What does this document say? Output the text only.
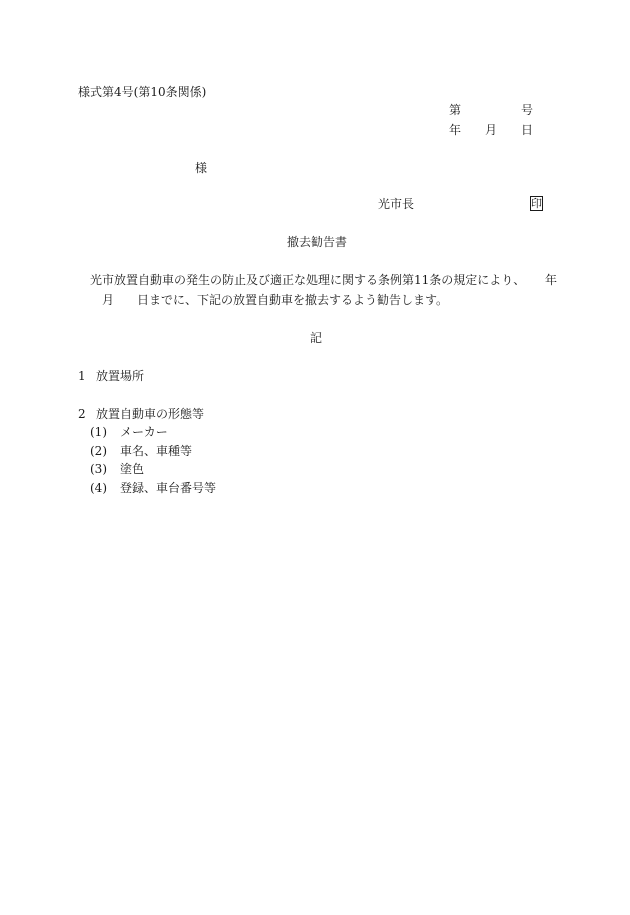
様式第4号(第10条関係)

第	号

年 月 日

様

光市長	印

撤去勧告書

光市放置自動車の発生の防止及び適正な処理に関する条例第11条の規定により、 年

月 日までに、下記の放置自動車を撤去するよう勧告します。

記

1 放置場所

2 放置自動車の形態等

(1) メーカー

(2) 車名、車種等

(3) 塗色

(4) 登録、車台番号等
